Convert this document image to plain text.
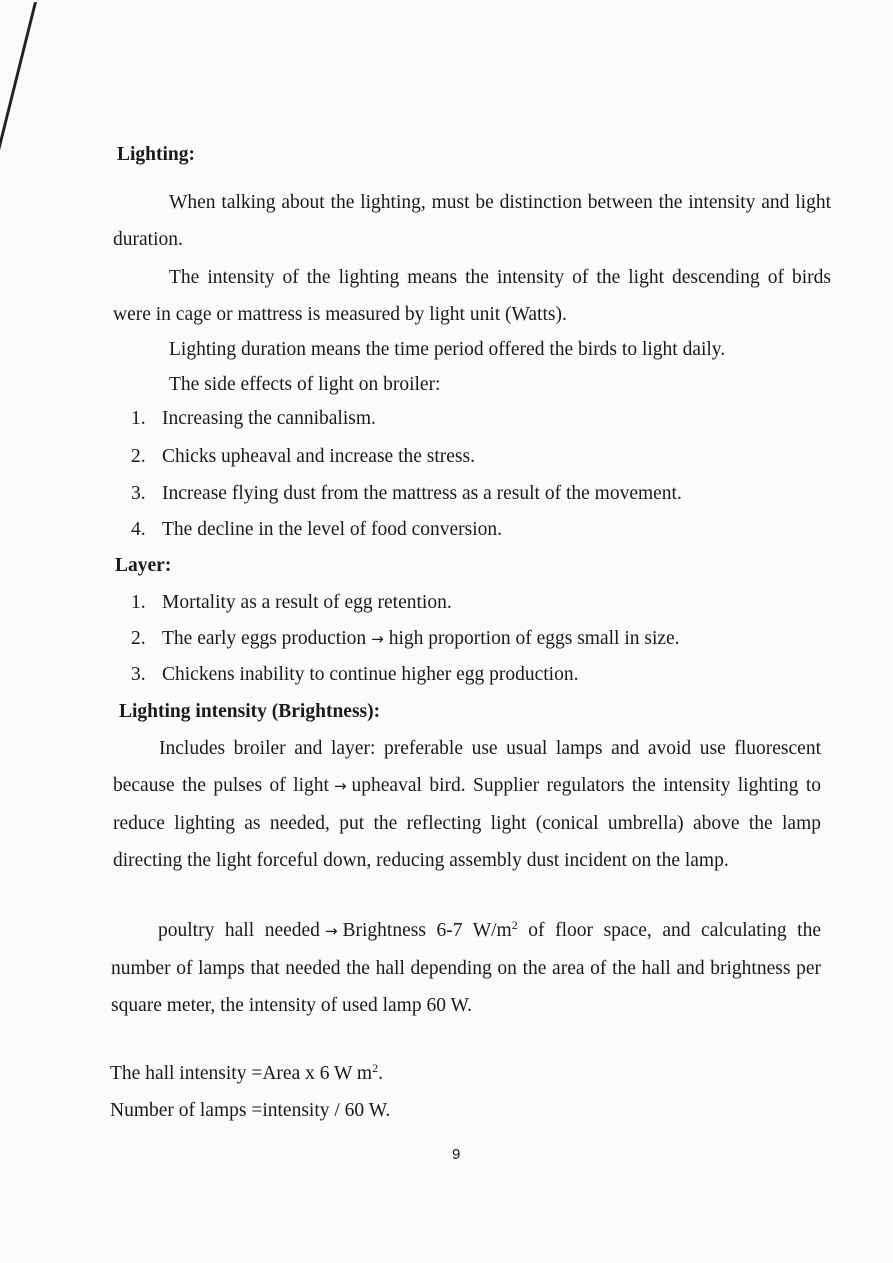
Lighting:
When talking about the lighting, must be distinction between the intensity and light duration.
The intensity of the lighting means the intensity of the light descending of birds were in cage or mattress is measured by light unit (Watts).
Lighting duration means the time period offered the birds to light daily.
The side effects of light on broiler:
1. Increasing the cannibalism.
2. Chicks upheaval and increase the stress.
3. Increase flying dust from the mattress as a result of the movement.
4. The decline in the level of food conversion.
Layer:
1. Mortality as a result of egg retention.
2. The early eggs production → high proportion of eggs small in size.
3. Chickens inability to continue higher egg production.
Lighting intensity (Brightness):
Includes broiler and layer: preferable use usual lamps and avoid use fluorescent because the pulses of light → upheaval bird. Supplier regulators the intensity lighting to reduce lighting as needed, put the reflecting light (conical umbrella) above the lamp directing the light forceful down, reducing assembly dust incident on the lamp.
poultry hall needed → Brightness 6-7 $W/m^2$ of floor space, and calculating the number of lamps that needed the hall depending on the area of the hall and brightness per square meter, the intensity of used lamp 60 W.
The hall intensity =Area x 6 W $m^2$.
Number of lamps =intensity / 60 W.
9
